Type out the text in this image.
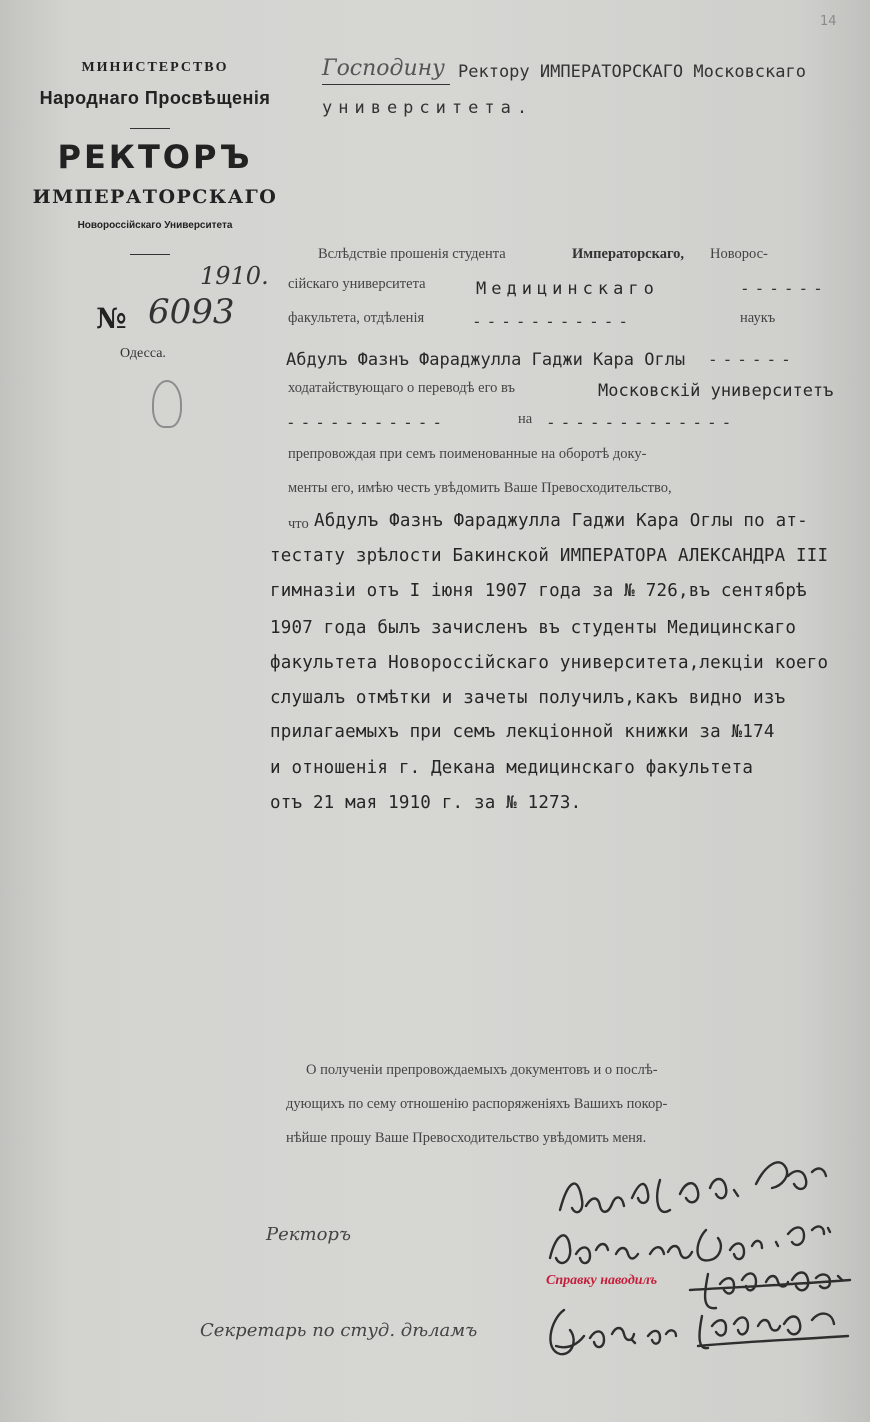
14
МИНИСТЕРСТВО
Народнаго Просвѣщенія
РЕКТОРЪ
ИМПЕРАТОРСКАГО
Новороссійскаго Университета
1910.
№ 6093
Одесса.
Господину Ректору ИМПЕРАТОРСКАГО Московскаго
университета.
Вслѣдствіе прошенія студента	Императорскаго, Новорос-
сійскаго университета	Медицинскаго	------
факультета, отдѣленія	-----------	наукъ
Абдулъ Фазнъ Фараджулла Гаджи Кара Оглы ------
ходатайствующаго о переводѣ его въ	Московскій университетъ
-----------	на -------------
препровождая при семъ поименованные на оборотѣ доку-
менты его, имѣю честь увѣдомить Ваше Превосходительство,
что Абдулъ Фазнъ Фараджулла Гаджи Кара Оглы по ат-
тестату зрѣлости Бакинской ИМПЕРАТОРА АЛЕКСАНДРА III
гимназіи отъ I іюня 1907 года за № 726,въ сентябрѣ
1907 года былъ зачисленъ въ студенты Медицинскаго
факультета Новороссійскаго университета,лекціи коего
слушалъ отмѣтки и зачеты получилъ,какъ видно изъ
прилагаемыхъ при семъ лекціонной книжки за №174
и отношенія г. Декана медицинскаго факультета
отъ 21 мая 1910 г. за № 1273.
О полученіи препровождаемыхъ документовъ и о послѣ-
дующихъ по сему отношенію распоряженіяхъ Вашихъ покор-
нѣйше прошу Ваше Превосходительство увѣдомить меня.
Ректоръ
Секретарь по студ. дѣламъ
Справку наводилъ
